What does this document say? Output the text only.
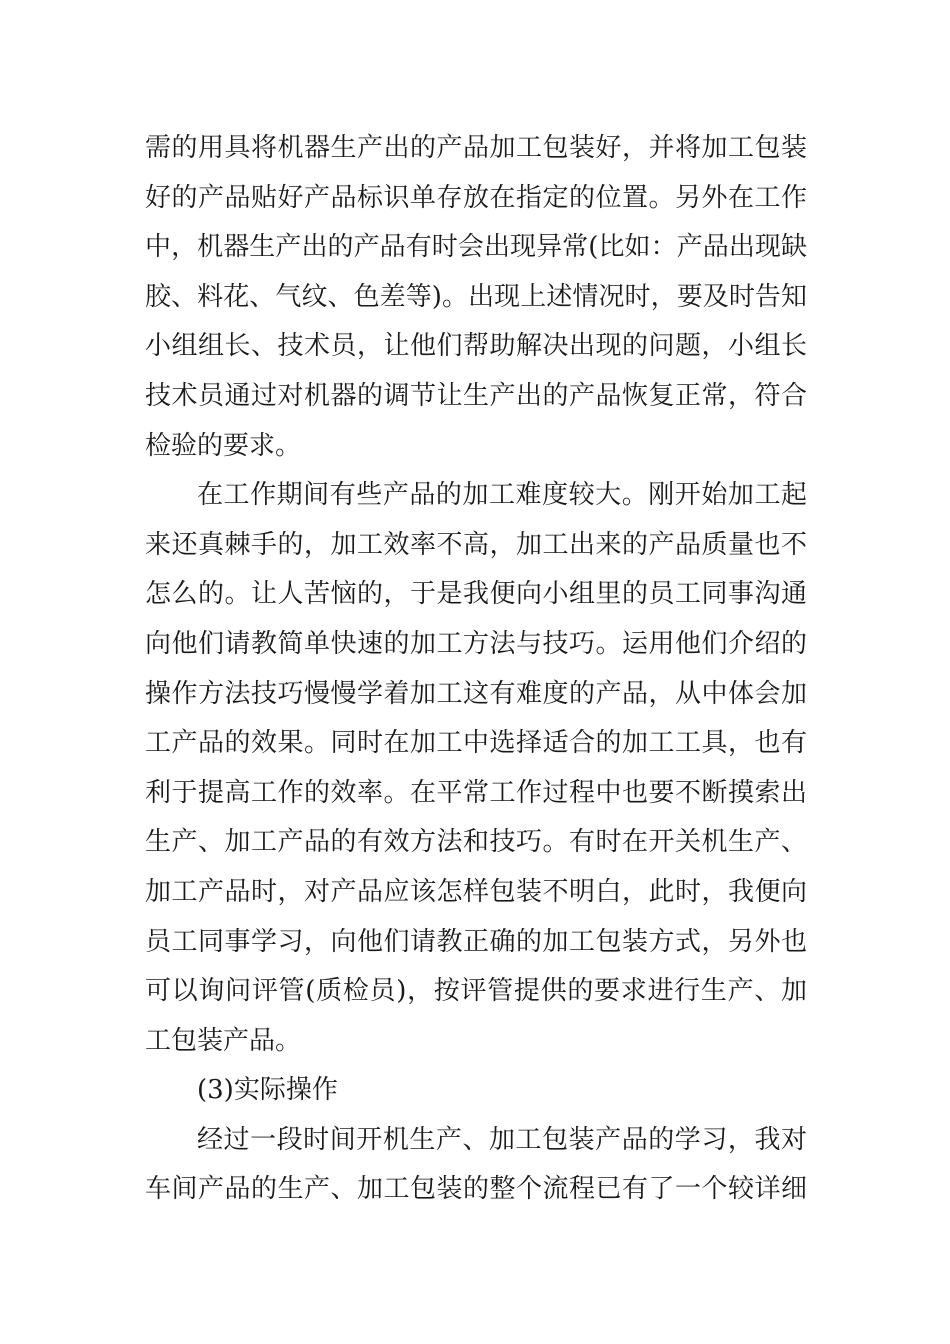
需的用具将机器生产出的产品加工包装好，并将加工包装
好的产品贴好产品标识单存放在指定的位置。另外在工作
中，机器生产出的产品有时会出现异常(比如：产品出现缺
胶、料花、气纹、色差等)。出现上述情况时，要及时告知
小组组长、技术员，让他们帮助解决出现的问题，小组长
技术员通过对机器的调节让生产出的产品恢复正常，符合
检验的要求。
在工作期间有些产品的加工难度较大。刚开始加工起
来还真棘手的，加工效率不高，加工出来的产品质量也不
怎么的。让人苦恼的，于是我便向小组里的员工同事沟通
向他们请教简单快速的加工方法与技巧。运用他们介绍的
操作方法技巧慢慢学着加工这有难度的产品，从中体会加
工产品的效果。同时在加工中选择适合的加工工具，也有
利于提高工作的效率。在平常工作过程中也要不断摸索出
生产、加工产品的有效方法和技巧。有时在开关机生产、
加工产品时，对产品应该怎样包装不明白，此时，我便向
员工同事学习，向他们请教正确的加工包装方式，另外也
可以询问评管(质检员)，按评管提供的要求进行生产、加
工包装产品。
(3)实际操作
经过一段时间开机生产、加工包装产品的学习，我对
车间产品的生产、加工包装的整个流程已有了一个较详细
